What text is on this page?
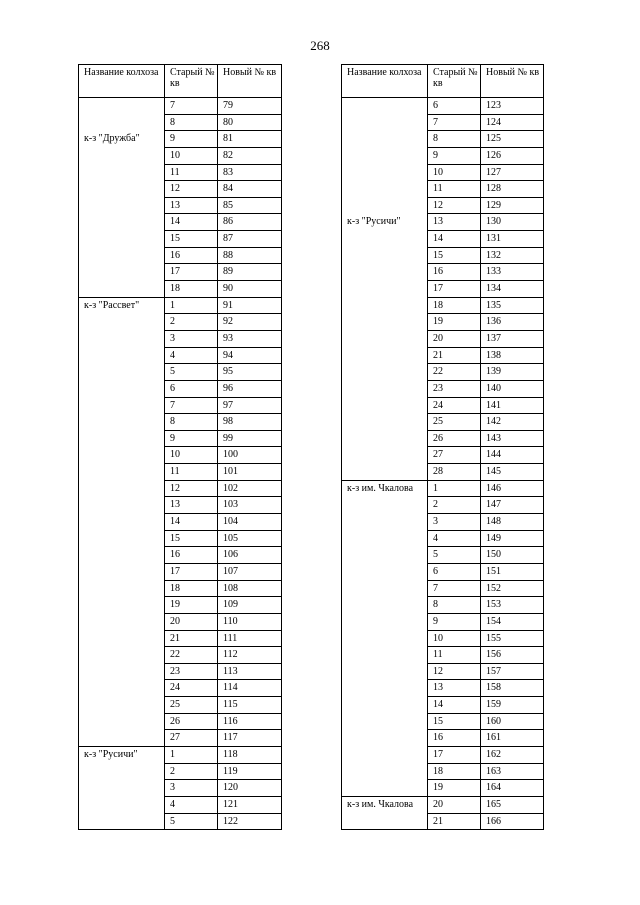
268
Название колхоза	Старый № кв	Новый № кв
	7	79
	8	80

к-з "Дружба"	9	81
	10	82
	11	83
	12	84
	13	85
	14	86
	15	87
	16	88
	17	89
	18	90

к-з "Рассвет"	1	91
	2	92
	3	93
	4	94
	5	95
	6	96
	7	97
	8	98
	9	99
	10	100
	11	101
	12	102
	13	103
	14	104
	15	105
	16	106
	17	107
	18	108
	19	109
	20	110
	21	111
	22	112
	23	113
	24	114
	25	115
	26	116
	27	117

к-з "Русичи"	1	118
	2	119
	3	120
	4	121
	5	122
Название колхоза	Старый № кв	Новый № кв
	6	123
	7	124
	8	125
	9	126
	10	127
	11	128
	12	129

к-з "Русичи"	13	130
	14	131
	15	132
	16	133
	17	134
	18	135
	19	136
	20	137
	21	138
	22	139
	23	140
	24	141
	25	142
	26	143
	27	144
	28	145

к-з им. Чкалова	1	146
	2	147
	3	148
	4	149
	5	150
	6	151
	7	152
	8	153
	9	154
	10	155
	11	156
	12	157
	13	158
	14	159
	15	160
	16	161
	17	162
	18	163
	19	164

к-з им. Чкалова	20	165
	21	166
